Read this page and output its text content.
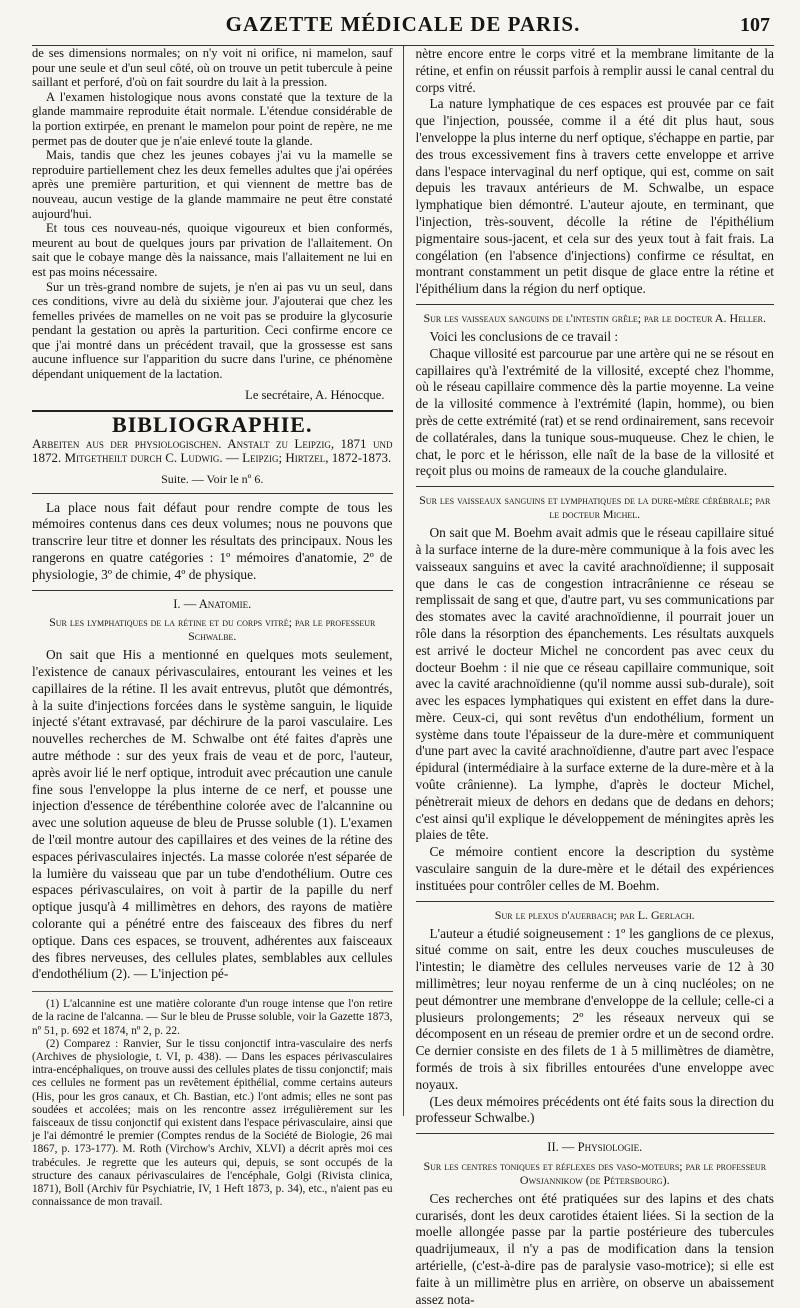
GAZETTE MÉDICALE DE PARIS.	107

de ses dimensions normales; on n'y voit ni orifice, ni mamelon, sauf pour une seule et d'un seul côté, où on trouve un petit tubercule à peine saillant et perforé, d'où on fait sourdre du lait à la pression.

A l'examen histologique nous avons constaté que la texture de la glande mammaire reproduite était normale. L'étendue considérable de la portion extirpée, en prenant le mamelon pour point de repère, ne me permet pas de douter que je n'aie enlevé toute la glande.

Mais, tandis que chez les jeunes cobayes j'ai vu la mamelle se reproduire partiellement chez les deux femelles adultes que j'ai opérées après une première parturition, et qui viennent de mettre bas de nouveau, aucun vestige de la glande mammaire ne peut être constaté aujourd'hui.

Et tous ces nouveau-nés, quoique vigoureux et bien conformés, meurent au bout de quelques jours par privation de l'allaitement. On sait que le cobaye mange dès la naissance, mais l'allaitement ne lui en est pas moins nécessaire.

Sur un très-grand nombre de sujets, je n'en ai pas vu un seul, dans ces conditions, vivre au delà du sixième jour. J'ajouterai que chez les femelles privées de mamelles on ne voit pas se produire la glycosurie pendant la gestation ou après la parturition. Ceci confirme encore ce que j'ai montré dans un précédent travail, que la grossesse est sans aucune influence sur l'apparition du sucre dans l'urine, ce phénomène dépendant uniquement de la lactation.

Le secrétaire, A. Hénocque.

BIBLIOGRAPHIE.

Arbeiten aus der physiologischen. Anstalt zu Leipzig, 1871 und 1872. Mitgetheilt durch C. Ludwig. — Leipzig; Hirtzel, 1872-1873.

Suite. — Voir le nº 6.

La place nous fait défaut pour rendre compte de tous les mémoires contenus dans ces deux volumes; nous ne pouvons que transcrire leur titre et donner les résultats des principaux. Nous les rangerons en quatre catégories : 1º mémoires d'anatomie, 2º de physiologie, 3º de chimie, 4º de physique.

I. — Anatomie.

Sur les lymphatiques de la rétine et du corps vitré; par le professeur Schwalbe.

On sait que His a mentionné en quelques mots seulement, l'existence de canaux périvasculaires, entourant les veines et les capillaires de la rétine. Il les avait entrevus, plutôt que démontrés, à la suite d'injections forcées dans le système sanguin, le liquide injecté s'étant extravasé, par déchirure de la paroi vasculaire. Les nouvelles recherches de M. Schwalbe ont été faites d'après une autre méthode : sur des yeux frais de veau et de porc, l'auteur, après avoir lié le nerf optique, introduit avec précaution une canule fine sous l'enveloppe la plus interne de ce nerf, et pousse une injection d'essence de térébenthine colorée avec de l'alcannine ou avec une solution aqueuse de bleu de Prusse soluble (1). L'examen de l'œil montre autour des capillaires et des veines de la rétine des espaces périvasculaires injectés. La masse colorée n'est séparée de la lumière du vaisseau que par un tube d'endothélium. Outre ces espaces périvasculaires, on voit à partir de la papille du nerf optique jusqu'à 4 millimètres en dehors, des rayons de matière colorante qui a pénétré entre des faisceaux des fibres du nerf optique. Dans ces espaces, se trouvent, adhérentes aux faisceaux des fibres nerveuses, des cellules plates, semblables aux cellules d'endothélium (2). — L'injection pé-

(1) L'alcannine est une matière colorante d'un rouge intense que l'on retire de la racine de l'alcanna. — Sur le bleu de Prusse soluble, voir la Gazette 1873, nº 51, p. 692 et 1874, nº 2, p. 22.

(2) Comparez : Ranvier, Sur le tissu conjonctif intra-vasculaire des nerfs (Archives de physiologie, t. VI, p. 438). — Dans les espaces périvasculaires intra-encéphaliques, on trouve aussi des cellules plates de tissu conjonctif; mais ces cellules ne forment pas un revêtement épithélial, comme certains auteurs (His, pour les gros canaux, et Ch. Bastian, etc.) l'ont admis; elles ne sont pas soudées et accolées; mais on les rencontre assez irrégulièrement sur les faisceaux de tissu conjonctif qui existent dans l'espace périvasculaire, ainsi que je l'ai démontré le premier (Comptes rendus de la Société de Biologie, 26 mai 1867, p. 173-177). M. Roth (Virchow's Archiv, XLVI) a décrit après moi ces trabécules. Je regrette que les auteurs qui, depuis, se sont occupés de la structure des canaux périvasculaires de l'encéphale, Golgi (Rivista clinica, 1871), Boll (Archiv für Psychiatrie, IV, 1 Heft 1873, p. 34), etc., n'aient pas eu connaissance de mon travail.

nètre encore entre le corps vitré et la membrane limitante de la rétine, et enfin on réussit parfois à remplir aussi le canal central du corps vitré.

La nature lymphatique de ces espaces est prouvée par ce fait que l'injection, poussée, comme il a été dit plus haut, sous l'enveloppe la plus interne du nerf optique, s'échappe en partie, par des trous excessivement fins à travers cette enveloppe et arrive dans l'espace intervaginal du nerf optique, qui est, comme on sait depuis les travaux antérieurs de M. Schwalbe, un espace lymphatique bien démontré. L'auteur ajoute, en terminant, que l'injection, très-souvent, décolle la rétine de l'épithélium pigmentaire sous-jacent, et cela sur des yeux tout à fait frais. La congélation (en l'absence d'injections) confirme ce résultat, en montrant constamment un petit disque de glace entre la rétine et l'épithélium dans la région du nerf optique.

Sur les vaisseaux sanguins de l'intestin grêle; par le docteur A. Heller.

Voici les conclusions de ce travail :

Chaque villosité est parcourue par une artère qui ne se résout en capillaires qu'à l'extrémité de la villosité, excepté chez l'homme, où le réseau capillaire commence dès la partie moyenne. La veine de la villosité commence à l'extrémité (lapin, homme), ou bien près de cette extrémité (rat) et se rend ordinairement, sans recevoir de collatérales, dans la tunique sous-muqueuse. Chez le chien, le chat, le porc et le hérisson, elle naît de la base de la villosité et reçoit plus ou moins de rameaux de la couche glandulaire.

Sur les vaisseaux sanguins et lymphatiques de la dure-mère cérébrale; par le docteur Michel.

On sait que M. Boehm avait admis que le réseau capillaire situé à la surface interne de la dure-mère communique à la fois avec les vaisseaux sanguins et avec la cavité arachnoïdienne; il supposait que dans le cas de congestion intracrânienne ce réseau se remplissait de sang et que, d'autre part, vu ses communications par des stomates avec la cavité arachnoïdienne, il pourrait jouer un rôle dans la résorption des épanchements. Les résultats auxquels est arrivé le docteur Michel ne concordent pas avec ceux du docteur Boehm : il nie que ce réseau capillaire communique, soit avec la cavité arachnoïdienne (qu'il nomme aussi sub-durale), soit avec les espaces lymphatiques qui existent en effet dans la dure-mère. Ceux-ci, qui sont revêtus d'un endothélium, forment un système dans toute l'épaisseur de la dure-mère et communiquent d'une part avec la cavité arachnoïdienne, d'autre part avec l'espace épidural (intermédiaire à la surface externe de la dure-mère et à la voûte crânienne). La lymphe, d'après le docteur Michel, pénètrerait mieux de dehors en dedans que de dedans en dehors; c'est ainsi qu'il explique le développement de méningites après les plaies de tête.

Ce mémoire contient encore la description du système vasculaire sanguin de la dure-mère et le détail des expériences instituées pour contrôler celles de M. Boehm.

Sur le plexus d'auerbach; par L. Gerlach.

L'auteur a étudié soigneusement : 1º les ganglions de ce plexus, situé comme on sait, entre les deux couches musculeuses de l'intestin; le diamètre des cellules nerveuses varie de 12 à 30 millimètres; leur noyau renferme de un à cinq nucléoles; on ne peut démontrer une membrane d'enveloppe de la cellule; celle-ci a plusieurs prolongements; 2º les réseaux nerveux qui se décomposent en un réseau de premier ordre et un de second ordre. Ce dernier consiste en des filets de 1 à 5 millimètres de diamètre, formés de trois à six fibrilles entourées d'une enveloppe avec noyaux.

(Les deux mémoires précédents ont été faits sous la direction du professeur Schwalbe.)

II. — Physiologie.

Sur les centres toniques et réflexes des vaso-moteurs; par le professeur Owsjannikow (de Pétersbourg).

Ces recherches ont été pratiquées sur des lapins et des chats curarisés, dont les deux carotides étaient liées. Si la section de la moelle allongée passe par la partie postérieure des tubercules quadrijumeaux, il n'y a pas de modification dans la tension artérielle, (c'est-à-dire pas de paralysie vaso-motrice); si elle est faite à un millimètre plus en arrière, on observe un abaissement assez nota-
